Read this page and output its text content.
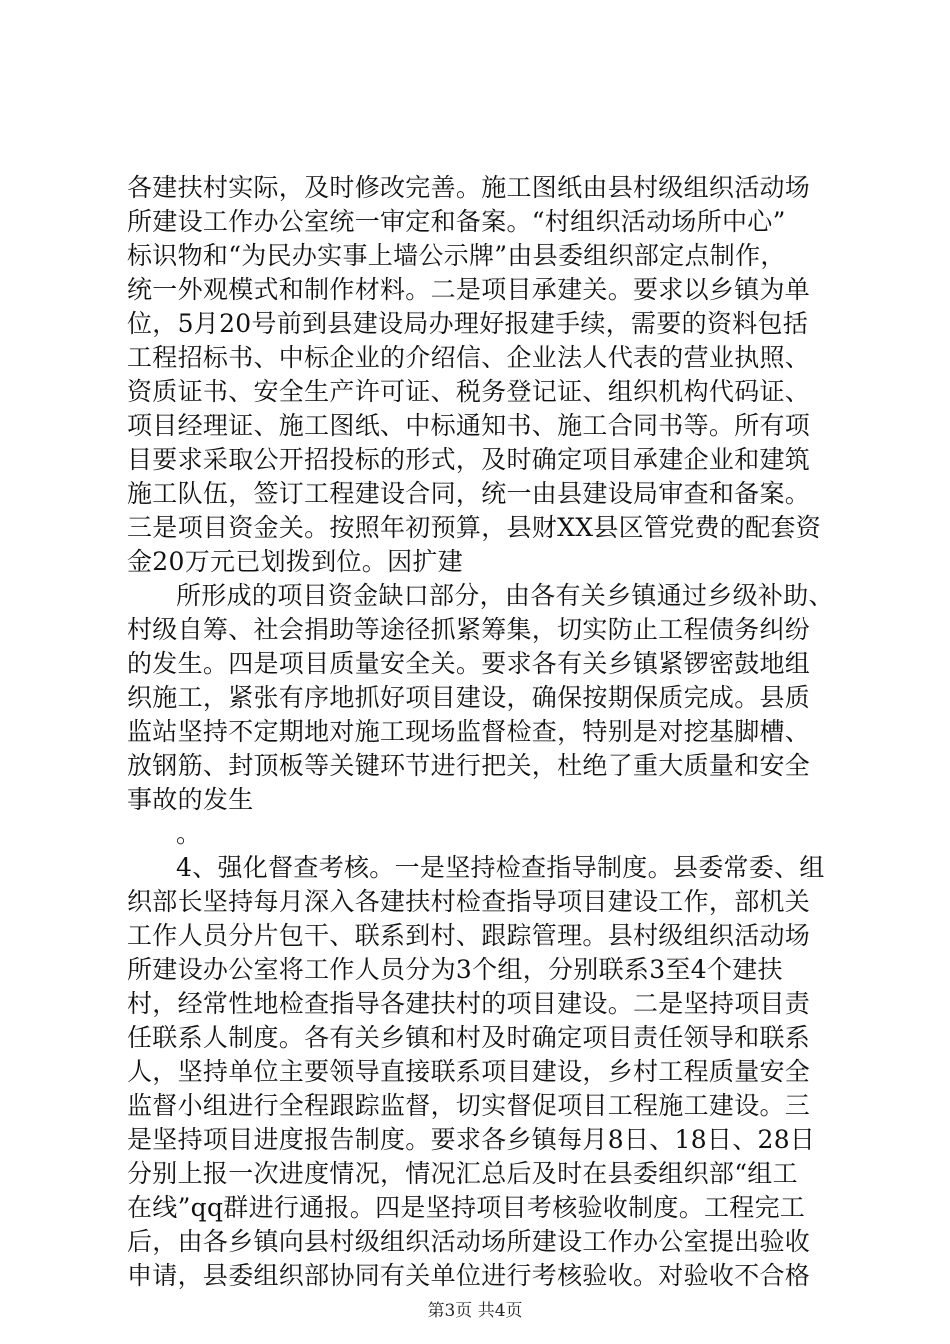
各建扶村实际，及时修改完善。施工图纸由县村级组织活动场
所建设工作办公室统一审定和备案。“村组织活动场所中心”
标识物和“为民办实事上墙公示牌”由县委组织部定点制作，
统一外观模式和制作材料。二是项目承建关。要求以乡镇为单
位，5月20号前到县建设局办理好报建手续，需要的资料包括
工程招标书、中标企业的介绍信、企业法人代表的营业执照、
资质证书、安全生产许可证、税务登记证、组织机构代码证、
项目经理证、施工图纸、中标通知书、施工合同书等。所有项
目要求采取公开招投标的形式，及时确定项目承建企业和建筑
施工队伍，签订工程建设合同，统一由县建设局审查和备案。
三是项目资金关。按照年初预算，县财XX县区管党费的配套资
金20万元已划拨到位。因扩建
所形成的项目资金缺口部分，由各有关乡镇通过乡级补助、
村级自筹、社会捐助等途径抓紧筹集，切实防止工程债务纠纷
的发生。四是项目质量安全关。要求各有关乡镇紧锣密鼓地组
织施工，紧张有序地抓好项目建设，确保按期保质完成。县质
监站坚持不定期地对施工现场监督检查，特别是对挖基脚槽、
放钢筋、封顶板等关键环节进行把关，杜绝了重大质量和安全
事故的发生
。
4、强化督查考核。一是坚持检查指导制度。县委常委、组
织部长坚持每月深入各建扶村检查指导项目建设工作，部机关
工作人员分片包干、联系到村、跟踪管理。县村级组织活动场
所建设办公室将工作人员分为3个组，分别联系3至4个建扶
村，经常性地检查指导各建扶村的项目建设。二是坚持项目责
任联系人制度。各有关乡镇和村及时确定项目责任领导和联系
人，坚持单位主要领导直接联系项目建设，乡村工程质量安全
监督小组进行全程跟踪监督，切实督促项目工程施工建设。三
是坚持项目进度报告制度。要求各乡镇每月8日、18日、28日
分别上报一次进度情况，情况汇总后及时在县委组织部“组工
在线”qq群进行通报。四是坚持项目考核验收制度。工程完工
后，由各乡镇向县村级组织活动场所建设工作办公室提出验收
申请，县委组织部协同有关单位进行考核验收。对验收不合格
第3页 共4页
